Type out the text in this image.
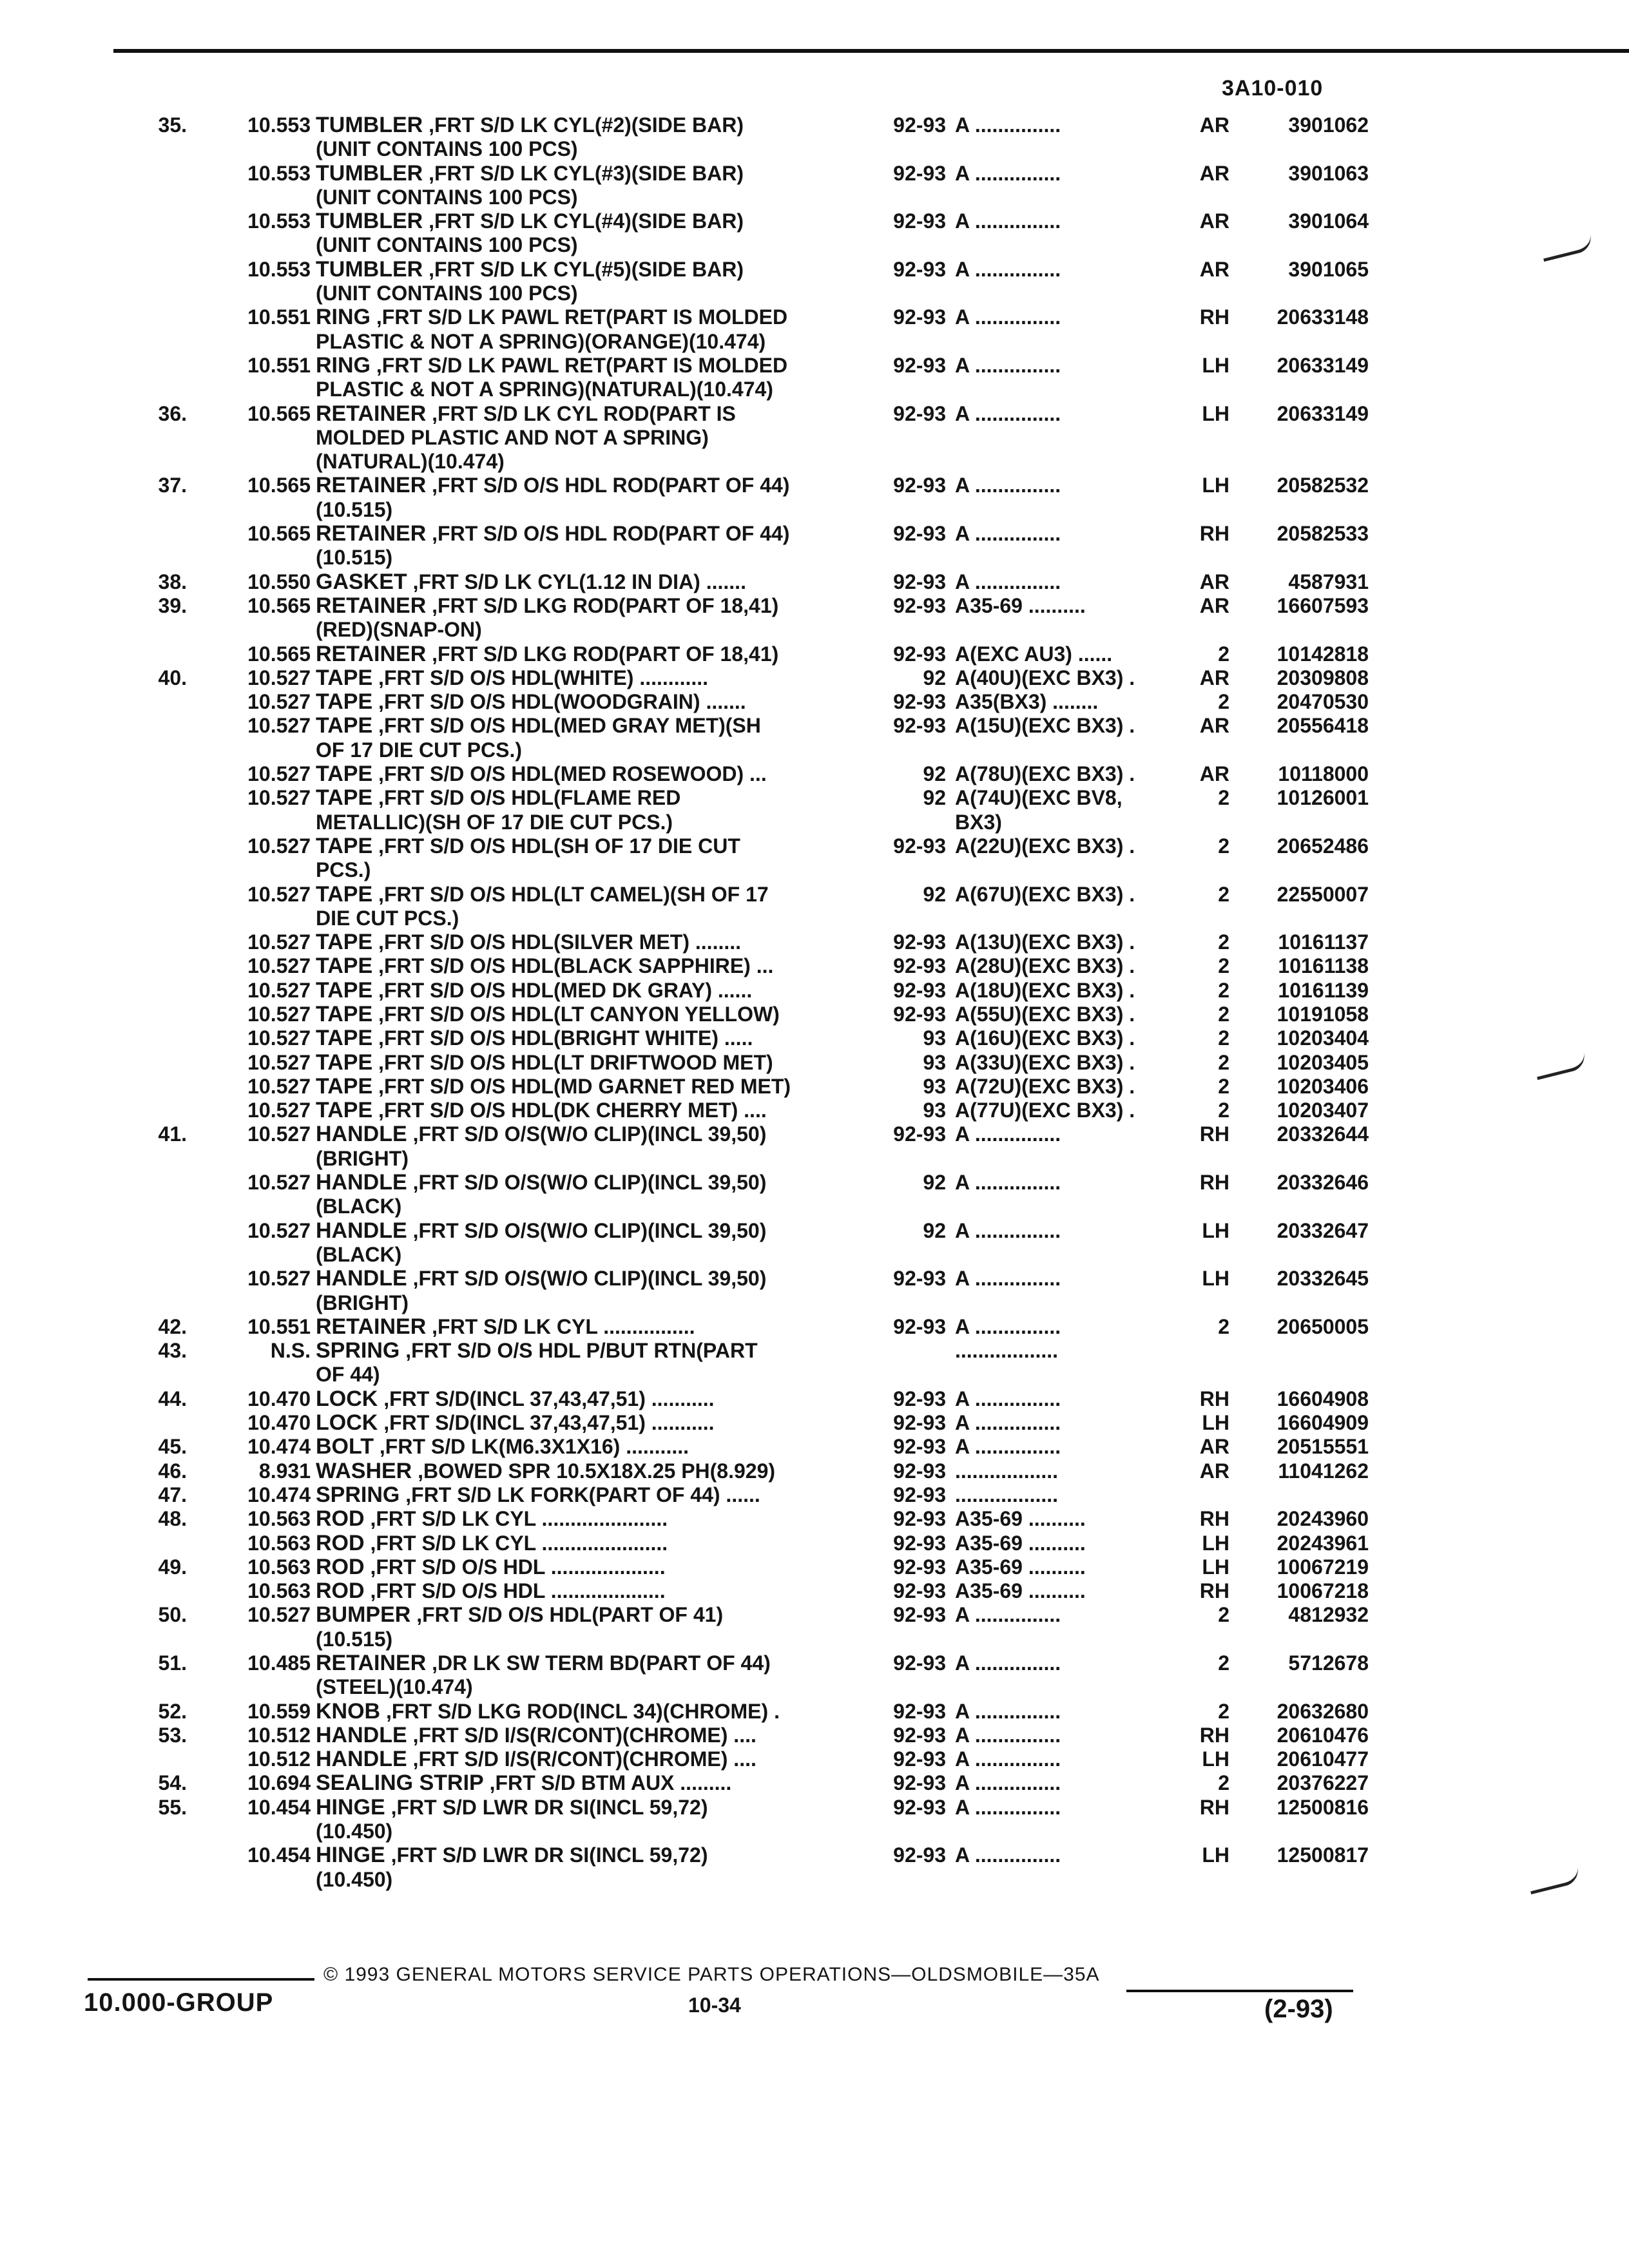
3A10-010
35.	10.553 TUMBLER ,FRT S/D LK CYL(#2)(SIDE BAR)	92-93 A ...............	AR	3901062
(UNIT CONTAINS 100 PCS)
10.553 TUMBLER ,FRT S/D LK CYL(#3)(SIDE BAR)	92-93 A ...............	AR	3901063
(UNIT CONTAINS 100 PCS)
10.553 TUMBLER ,FRT S/D LK CYL(#4)(SIDE BAR)	92-93 A ...............	AR	3901064
(UNIT CONTAINS 100 PCS)
10.553 TUMBLER ,FRT S/D LK CYL(#5)(SIDE BAR)	92-93 A ...............	AR	3901065
(UNIT CONTAINS 100 PCS)
10.551 RING ,FRT S/D LK PAWL RET(PART IS MOLDED	92-93 A ...............	RH	20633148
PLASTIC & NOT A SPRING)(ORANGE)(10.474)
10.551 RING ,FRT S/D LK PAWL RET(PART IS MOLDED	92-93 A ...............	LH	20633149
PLASTIC & NOT A SPRING)(NATURAL)(10.474)
36.	10.565 RETAINER ,FRT S/D LK CYL ROD(PART IS	92-93 A ...............	LH	20633149
MOLDED PLASTIC AND NOT A SPRING)
(NATURAL)(10.474)
37.	10.565 RETAINER ,FRT S/D O/S HDL ROD(PART OF 44)	92-93 A ...............	LH	20582532
(10.515)
10.565 RETAINER ,FRT S/D O/S HDL ROD(PART OF 44)	92-93 A ...............	RH	20582533
(10.515)
38.	10.550 GASKET ,FRT S/D LK CYL(1.12 IN DIA) .......	92-93 A ...............	AR	4587931
39.	10.565 RETAINER ,FRT S/D LKG ROD(PART OF 18,41)	92-93 A35-69 ..........	AR	16607593
(RED)(SNAP-ON)
10.565 RETAINER ,FRT S/D LKG ROD(PART OF 18,41)	92-93 A(EXC AU3) ......	2	10142818
40.	10.527 TAPE ,FRT S/D O/S HDL(WHITE) ............	92 A(40U)(EXC BX3) .	AR	20309808
10.527 TAPE ,FRT S/D O/S HDL(WOODGRAIN) .......	92-93 A35(BX3) ........	2	20470530
10.527 TAPE ,FRT S/D O/S HDL(MED GRAY MET)(SH	92-93 A(15U)(EXC BX3) .	AR	20556418
OF 17 DIE CUT PCS.)
10.527 TAPE ,FRT S/D O/S HDL(MED ROSEWOOD) ...	92 A(78U)(EXC BX3) .	AR	10118000
10.527 TAPE ,FRT S/D O/S HDL(FLAME RED	92 A(74U)(EXC BV8,	2	10126001
METALLIC)(SH OF 17 DIE CUT PCS.)	BX3)
10.527 TAPE ,FRT S/D O/S HDL(SH OF 17 DIE CUT	92-93 A(22U)(EXC BX3) .	2	20652486
PCS.)
10.527 TAPE ,FRT S/D O/S HDL(LT CAMEL)(SH OF 17	92 A(67U)(EXC BX3) .	2	22550007
DIE CUT PCS.)
10.527 TAPE ,FRT S/D O/S HDL(SILVER MET) ........	92-93 A(13U)(EXC BX3) .	2	10161137
10.527 TAPE ,FRT S/D O/S HDL(BLACK SAPPHIRE) ...	92-93 A(28U)(EXC BX3) .	2	10161138
10.527 TAPE ,FRT S/D O/S HDL(MED DK GRAY) ......	92-93 A(18U)(EXC BX3) .	2	10161139
10.527 TAPE ,FRT S/D O/S HDL(LT CANYON YELLOW)	92-93 A(55U)(EXC BX3) .	2	10191058
10.527 TAPE ,FRT S/D O/S HDL(BRIGHT WHITE) .....	93 A(16U)(EXC BX3) .	2	10203404
10.527 TAPE ,FRT S/D O/S HDL(LT DRIFTWOOD MET)	93 A(33U)(EXC BX3) .	2	10203405
10.527 TAPE ,FRT S/D O/S HDL(MD GARNET RED MET)	93 A(72U)(EXC BX3) .	2	10203406
10.527 TAPE ,FRT S/D O/S HDL(DK CHERRY MET) ....	93 A(77U)(EXC BX3) .	2	10203407
41.	10.527 HANDLE ,FRT S/D O/S(W/O CLIP)(INCL 39,50)	92-93 A ...............	RH	20332644
(BRIGHT)
10.527 HANDLE ,FRT S/D O/S(W/O CLIP)(INCL 39,50)	92 A ...............	RH	20332646
(BLACK)
10.527 HANDLE ,FRT S/D O/S(W/O CLIP)(INCL 39,50)	92 A ...............	LH	20332647
(BLACK)
10.527 HANDLE ,FRT S/D O/S(W/O CLIP)(INCL 39,50)	92-93 A ...............	LH	20332645
(BRIGHT)
42.	10.551 RETAINER ,FRT S/D LK CYL ................	92-93 A ...............	2	20650005
43.	N.S. SPRING ,FRT S/D O/S HDL P/BUT RTN(PART	..................
OF 44)
44.	10.470 LOCK ,FRT S/D(INCL 37,43,47,51) ...........	92-93 A ...............	RH	16604908
10.470 LOCK ,FRT S/D(INCL 37,43,47,51) ...........	92-93 A ...............	LH	16604909
45.	10.474 BOLT ,FRT S/D LK(M6.3X1X16) ...........	92-93 A ...............	AR	20515551
46.	8.931 WASHER ,BOWED SPR 10.5X18X.25 PH(8.929)	92-93 ..................	AR	11041262
47.	10.474 SPRING ,FRT S/D LK FORK(PART OF 44) ......	92-93 ..................
48.	10.563 ROD ,FRT S/D LK CYL ......................	92-93 A35-69 ..........	RH	20243960
10.563 ROD ,FRT S/D LK CYL ......................	92-93 A35-69 ..........	LH	20243961
49.	10.563 ROD ,FRT S/D O/S HDL ....................	92-93 A35-69 ..........	LH	10067219
10.563 ROD ,FRT S/D O/S HDL ....................	92-93 A35-69 ..........	RH	10067218
50.	10.527 BUMPER ,FRT S/D O/S HDL(PART OF 41)	92-93 A ...............	2	4812932
(10.515)
51.	10.485 RETAINER ,DR LK SW TERM BD(PART OF 44)	92-93 A ...............	2	5712678
(STEEL)(10.474)
52.	10.559 KNOB ,FRT S/D LKG ROD(INCL 34)(CHROME) .	92-93 A ...............	2	20632680
53.	10.512 HANDLE ,FRT S/D I/S(R/CONT)(CHROME) ....	92-93 A ...............	RH	20610476
10.512 HANDLE ,FRT S/D I/S(R/CONT)(CHROME) ....	92-93 A ...............	LH	20610477
54.	10.694 SEALING STRIP ,FRT S/D BTM AUX .........	92-93 A ...............	2	20376227
55.	10.454 HINGE ,FRT S/D LWR DR SI(INCL 59,72)	92-93 A ...............	RH	12500816
(10.450)
10.454 HINGE ,FRT S/D LWR DR SI(INCL 59,72)	92-93 A ...............	LH	12500817
(10.450)
© 1993 GENERAL MOTORS SERVICE PARTS OPERATIONS—OLDSMOBILE—35A
10.000-GROUP	10-34	(2-93)
